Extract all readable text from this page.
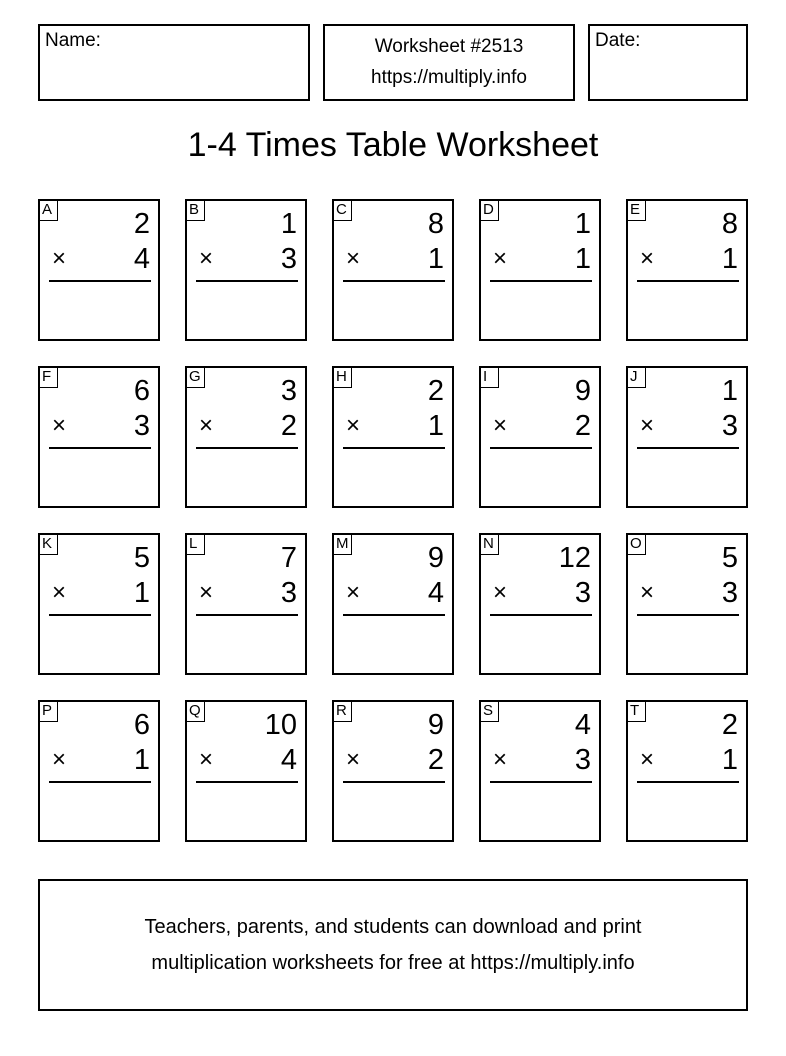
Name:	Worksheet #2513
https://multiply.info
Date:
1-4 Times Table Worksheet
A	2
× 4
B	1
× 3
C	8
× 1
D	1
× 1
E	8
× 1
F	6
× 3
G	3
× 2
H	2
× 1
I	9
× 2
J	1
× 3
K	5
× 1
L	7
× 3
M	9
× 4
N 12
× 3
O	5
× 3
P	6
× 1
Q 10
× 4
R	9
× 2
S	4
× 3
T	2
× 1
Teachers, parents, and students can download and print
multiplication worksheets for free at https://multiply.info
